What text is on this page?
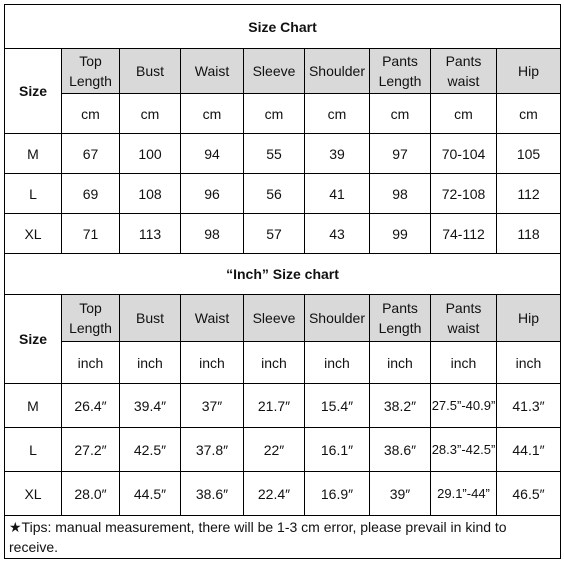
Size Chart								
Size	Top Length	Bust	Waist	Sleeve	Shoulder	Pants Length	Pants waist	Hip
	cm	cm	cm	cm	cm	cm	cm	cm
M	67	100	94	55	39	97	70-104	105
L	69	108	96	56	41	98	72-108	112
XL	71	113	98	57	43	99	74-112	118
“Inch” Size chart								
Size	Top Length	Bust	Waist	Sleeve	Shoulder	Pants Length	Pants waist	Hip
	inch	inch	inch	inch	inch	inch	inch	inch
M	26.4″	39.4″	37″	21.7″	15.4″	38.2″	27.5”-40.9”	41.3″
L	27.2″	42.5″	37.8″	22″	16.1″	38.6″	28.3”-42.5”	44.1″
XL	28.0″	44.5″	38.6″	22.4″	16.9″	39″	29.1”-44”	46.5″
★Tips: manual measurement, there will be 1-3 cm error, please prevail in kind to receive.								
